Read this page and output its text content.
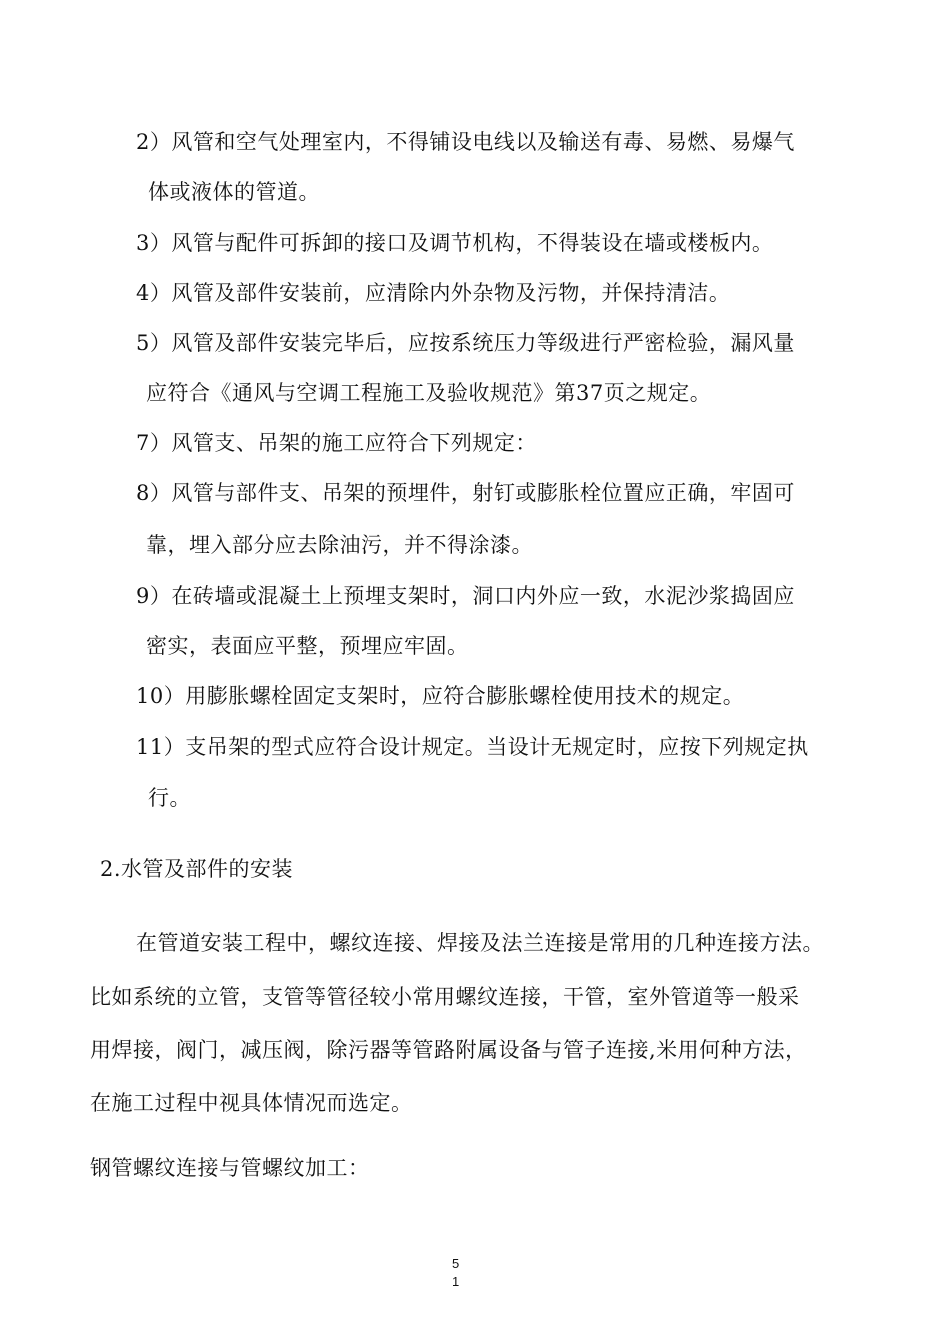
2）风管和空气处理室内，不得铺设电线以及输送有毒、易燃、易爆气
体或液体的管道。
3）风管与配件可拆卸的接口及调节机构，不得装设在墙或楼板内。
4）风管及部件安装前，应清除内外杂物及污物，并保持清洁。
5）风管及部件安装完毕后，应按系统压力等级进行严密检验，漏风量
应符合《通风与空调工程施工及验收规范》第37页之规定。
7）风管支、吊架的施工应符合下列规定：
8）风管与部件支、吊架的预埋件，射钉或膨胀栓位置应正确，牢固可
靠，埋入部分应去除油污，并不得涂漆。
9）在砖墙或混凝土上预埋支架时，洞口内外应一致，水泥沙浆捣固应
密实，表面应平整，预埋应牢固。
10）用膨胀螺栓固定支架时，应符合膨胀螺栓使用技术的规定。
11）支吊架的型式应符合设计规定。当设计无规定时，应按下列规定执
行。
2.水管及部件的安装
在管道安装工程中，螺纹连接、焊接及法兰连接是常用的几种连接方法。
比如系统的立管，支管等管径较小常用螺纹连接，干管，室外管道等一般采
用焊接，阀门，减压阀，除污器等管路附属设备与管子连接,米用何种方法，
在施工过程中视具体情况而选定。
钢管螺纹连接与管螺纹加工：
5
1
